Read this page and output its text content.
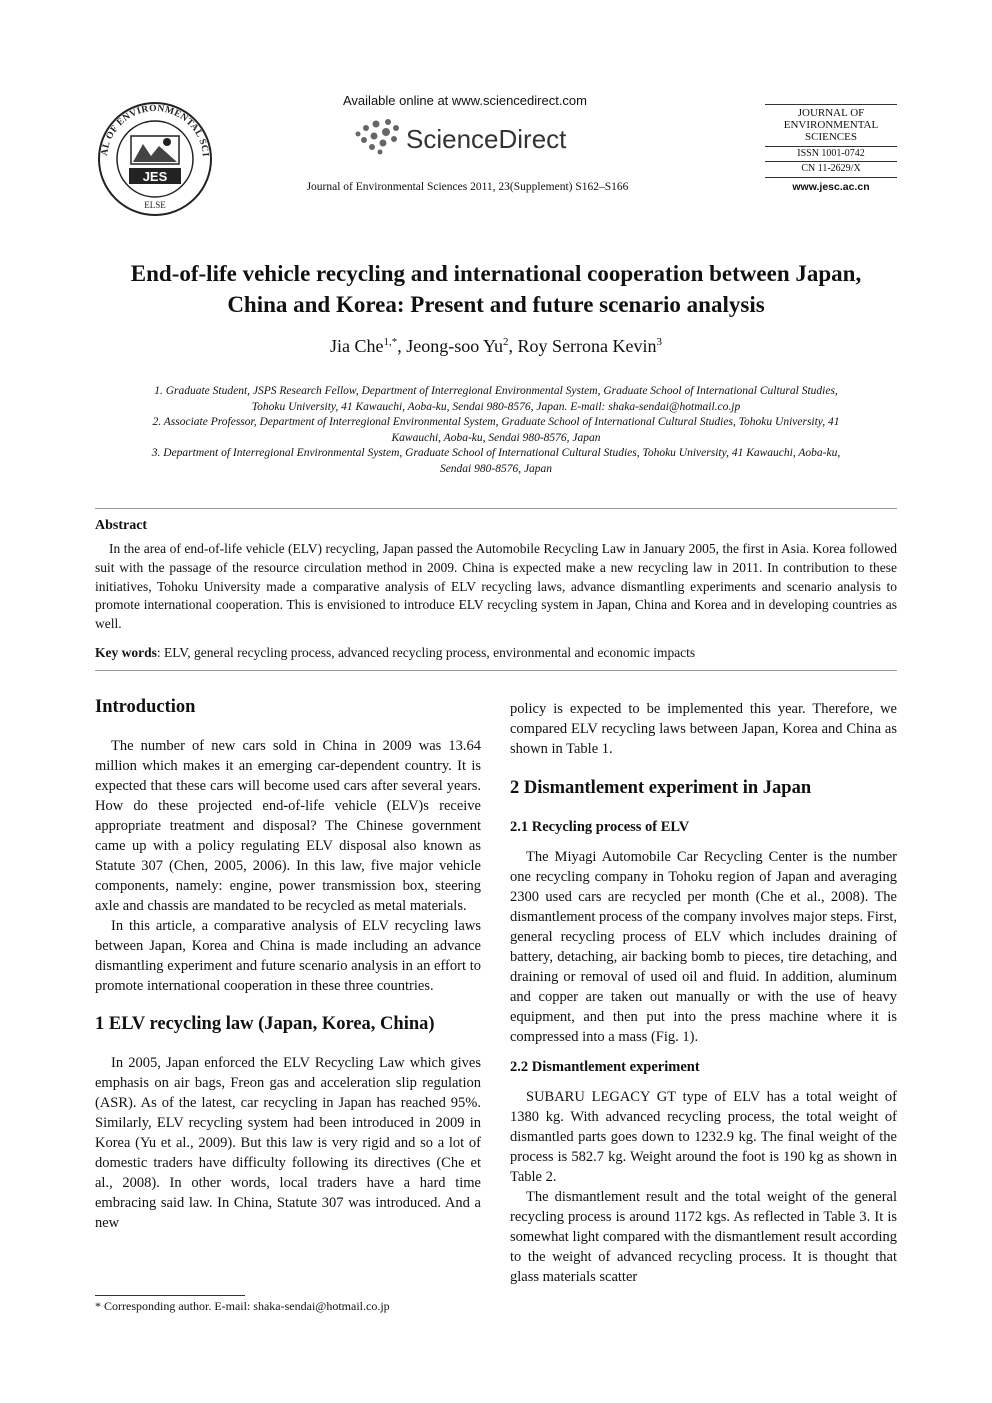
AL OF ENVIRONMENTAL SCI
JES
ELSE
Available online at www.sciencedirect.com
ScienceDirect
Journal of Environmental Sciences 2011, 23(Supplement) S162–S166
JOURNAL OF
ENVIRONMENTAL
SCIENCES
ISSN 1001-0742
CN 11-2629/X
www.jesc.ac.cn
End-of-life vehicle recycling and international cooperation between Japan,
China and Korea: Present and future scenario analysis
Jia Che$^{1,*}$, Jeong-soo Yu$^2$, Roy Serrona Kevin$^3$
1. Graduate Student, JSPS Research Fellow, Department of Interregional Environmental System, Graduate School of International Cultural Studies,
Tohoku University, 41 Kawauchi, Aoba-ku, Sendai 980-8576, Japan. E-mail: shaka-sendai@hotmail.co.jp
2. Associate Professor, Department of Interregional Environmental System, Graduate School of International Cultural Studies, Tohoku University, 41
Kawauchi, Aoba-ku, Sendai 980-8576, Japan
3. Department of Interregional Environmental System, Graduate School of International Cultural Studies, Tohoku University, 41 Kawauchi, Aoba-ku,
Sendai 980-8576, Japan
Abstract
In the area of end-of-life vehicle (ELV) recycling, Japan passed the Automobile Recycling Law in January 2005, the first in Asia. Korea followed suit with the passage of the resource circulation method in 2009. China is expected make a new recycling law in 2011. In contribution to these initiatives, Tohoku University made a comparative analysis of ELV recycling laws, advance dismantling experiments and scenario analysis to promote international cooperation. This is envisioned to introduce ELV recycling system in Japan, China and Korea and in developing countries as well.
Key words: ELV, general recycling process, advanced recycling process, environmental and economic impacts
Introduction

The number of new cars sold in China in 2009 was 13.64 million which makes it an emerging car-dependent country. It is expected that these cars will become used cars after several years. How do these projected end-of-life vehicle (ELV)s receive appropriate treatment and disposal? The Chinese government came up with a policy regulating ELV disposal also known as Statute 307 (Chen, 2005, 2006). In this law, five major vehicle components, namely: engine, power transmission box, steering axle and chassis are mandated to be recycled as metal materials.

In this article, a comparative analysis of ELV recycling laws between Japan, Korea and China is made including an advance dismantling experiment and future scenario analysis in an effort to promote international cooperation in these three countries.

1 ELV recycling law (Japan, Korea, China)

In 2005, Japan enforced the ELV Recycling Law which gives emphasis on air bags, Freon gas and acceleration slip regulation (ASR). As of the latest, car recycling in Japan has reached 95%. Similarly, ELV recycling system had been introduced in 2009 in Korea (Yu et al., 2009). But this law is very rigid and so a lot of domestic traders have difficulty following its directives (Che et al., 2008). In other words, local traders have a hard time embracing said law. In China, Statute 307 was introduced. And a new

policy is expected to be implemented this year. Therefore, we compared ELV recycling laws between Japan, Korea and China as shown in Table 1.

2 Dismantlement experiment in Japan
2.1 Recycling process of ELV

The Miyagi Automobile Car Recycling Center is the number one recycling company in Tohoku region of Japan and averaging 2300 used cars are recycled per month (Che et al., 2008). The dismantlement process of the company involves major steps. First, general recycling process of ELV which includes draining of battery, detaching, air backing bomb to pieces, tire detaching, and draining or removal of used oil and fluid. In addition, aluminum and copper are taken out manually or with the use of heavy equipment, and then put into the press machine where it is compressed into a mass (Fig. 1).

2.2 Dismantlement experiment

SUBARU LEGACY GT type of ELV has a total weight of 1380 kg. With advanced recycling process, the total weight of dismantled parts goes down to 1232.9 kg. The final weight of the process is 582.7 kg. Weight around the foot is 190 kg as shown in Table 2.

The dismantlement result and the total weight of the general recycling process is around 1172 kgs. As reflected in Table 3. It is somewhat light compared with the dismantlement result according to the weight of advanced recycling process. It is thought that glass materials scatter

* Corresponding author. E-mail: shaka-sendai@hotmail.co.jp
